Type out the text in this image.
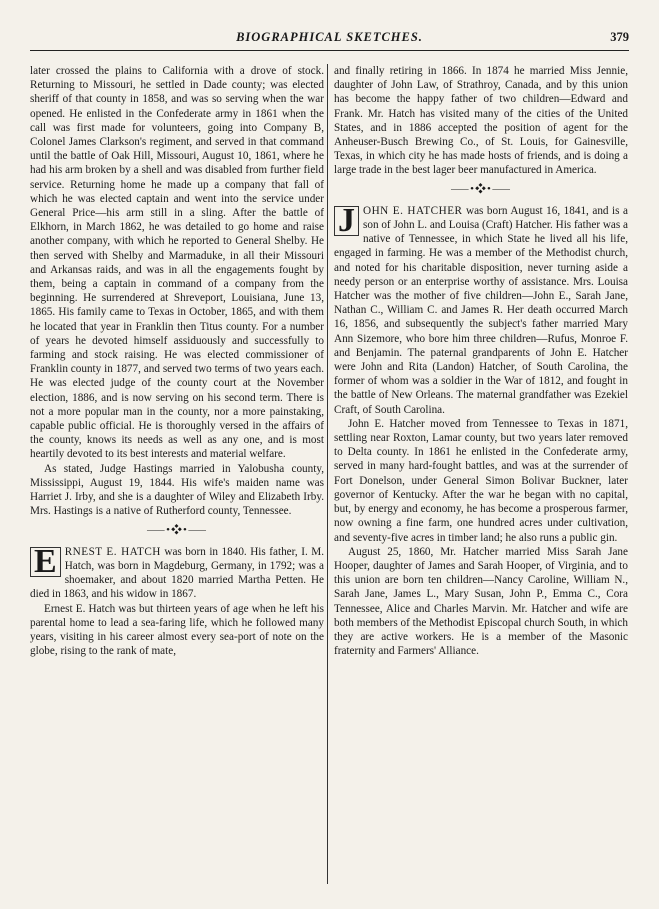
BIOGRAPHICAL SKETCHES.	379

later crossed the plains to California with a drove of stock. Returning to Missouri, he settled in Dade county; was elected sheriff of that county in 1858, and was so serving when the war opened. He enlisted in the Confederate army in 1861 when the call was first made for volunteers, going into Company B, Colonel James Clarkson's regiment, and served in that command until the battle of Oak Hill, Missouri, August 10, 1861, where he had his arm broken by a shell and was disabled from further field service. Returning home he made up a company that fall of which he was elected captain and went into the service under General Price—his arm still in a sling. After the battle of Elkhorn, in March 1862, he was detailed to go home and raise another company, with which he reported to General Shelby. He then served with Shelby and Marmaduke, in all their Missouri and Arkansas raids, and was in all the engagements fought by them, being a captain in command of a company from the beginning. He surrendered at Shreveport, Louisiana, June 13, 1865. His family came to Texas in October, 1865, and with them he located that year in Franklin then Titus county. For a number of years he devoted himself assiduously and successfully to farming and stock raising. He was elected commissioner of Franklin county in 1877, and served two terms of two years each. He was elected judge of the county court at the November election, 1886, and is now serving on his second term. There is not a more popular man in the county, nor a more painstaking, capable public official. He is thoroughly versed in the affairs of the county, knows its needs as well as any one, and is most heartily devoted to its best interests and material welfare.

As stated, Judge Hastings married in Yalobusha county, Mississippi, August 19, 1844. His wife's maiden name was Harriet J. Irby, and she is a daughter of Wiley and Elizabeth Irby. Mrs. Hastings is a native of Rutherford county, Tennessee.

⸺•❖•⸺

E RNEST E. HATCH was born in 1840. His father, I. M. Hatch, was born in Magdeburg, Germany, in 1792; was a shoemaker, and about 1820 married Martha Petten. He died in 1863, and his widow in 1867.

Ernest E. Hatch was but thirteen years of age when he left his parental home to lead a sea-faring life, which he followed many years, visiting in his career almost every sea-port of note on the globe, rising to the rank of mate,

and finally retiring in 1866. In 1874 he married Miss Jennie, daughter of John Law, of Strathroy, Canada, and by this union has become the happy father of two children—Edward and Frank. Mr. Hatch has visited many of the cities of the United States, and in 1886 accepted the position of agent for the Anheuser-Busch Brewing Co., of St. Louis, for Gainesville, Texas, in which city he has made hosts of friends, and is doing a large trade in the best lager beer manufactured in America.

⸺•❖•⸺

J OHN E. HATCHER was born August 16, 1841, and is a son of John L. and Louisa (Craft) Hatcher. His father was a native of Tennessee, in which State he lived all his life, engaged in farming. He was a member of the Methodist church, and noted for his charitable disposition, never turning aside a needy person or an enterprise worthy of assistance. Mrs. Louisa Hatcher was the mother of five children—John E., Sarah Jane, Nathan C., William C. and James R. Her death occurred March 16, 1856, and subsequently the subject's father married Mary Ann Sizemore, who bore him three children—Rufus, Monroe F. and Benjamin. The paternal grandparents of John E. Hatcher were John and Rita (Landon) Hatcher, of South Carolina, the former of whom was a soldier in the War of 1812, and fought in the battle of New Orleans. The maternal grandfather was Ezekiel Craft, of South Carolina.

John E. Hatcher moved from Tennessee to Texas in 1871, settling near Roxton, Lamar county, but two years later removed to Delta county. In 1861 he enlisted in the Confederate army, served in many hard-fought battles, and was at the surrender of Fort Donelson, under General Simon Bolivar Buckner, later governor of Kentucky. After the war he began with no capital, but, by energy and economy, he has become a prosperous farmer, now owning a fine farm, one hundred acres under cultivation, and seventy-five acres in timber land; he also runs a public gin.

August 25, 1860, Mr. Hatcher married Miss Sarah Jane Hooper, daughter of James and Sarah Hooper, of Virginia, and to this union are born ten children—Nancy Caroline, William N., Sarah Jane, James L., Mary Susan, John P., Emma C., Cora Tennessee, Alice and Charles Marvin. Mr. Hatcher and wife are both members of the Methodist Episcopal church South, in which they are active workers. He is a member of the Masonic fraternity and Farmers' Alliance.
